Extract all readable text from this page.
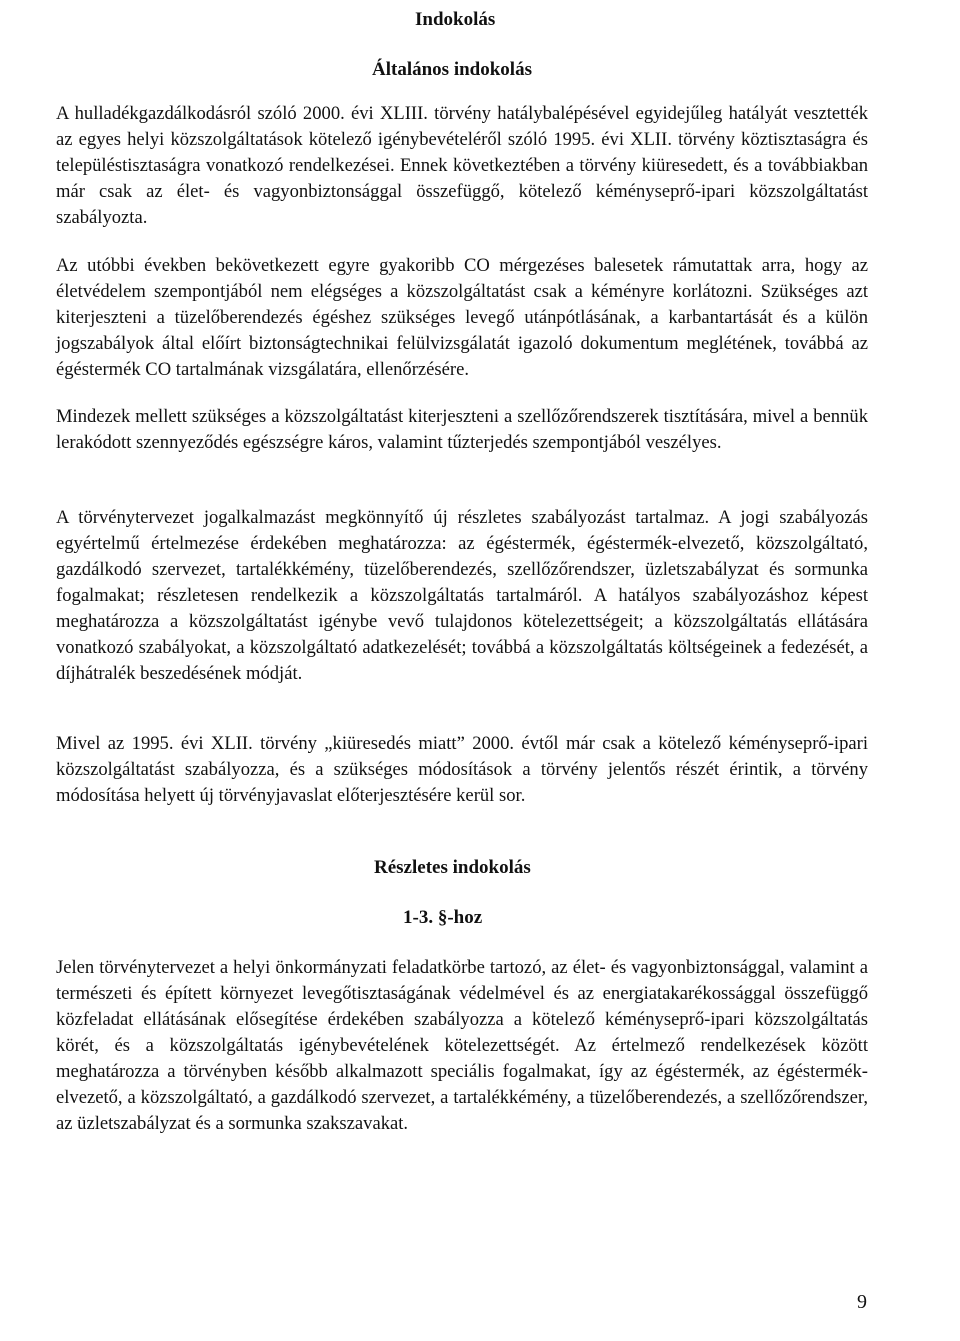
Indokolás
Általános indokolás

A hulladékgazdálkodásról szóló 2000. évi XLIII. törvény hatálybalépésével egyidejűleg hatályát vesztették az egyes helyi közszolgáltatások kötelező igénybevételéről szóló 1995. évi XLII. törvény köztisztaságra és településtisztaságra vonatkozó rendelkezései. Ennek következtében a törvény kiüresedett, és a továbbiakban már csak az élet- és vagyonbiztonsággal összefüggő, kötelező kéményseprő-ipari közszolgáltatást szabályozta.

Az utóbbi években bekövetkezett egyre gyakoribb CO mérgezéses balesetek rámutattak arra, hogy az életvédelem szempontjából nem elégséges a közszolgáltatást csak a kéményre korlátozni. Szükséges azt kiterjeszteni a tüzelőberendezés égéshez szükséges levegő utánpótlásának, a karbantartását és a külön jogszabályok által előírt biztonságtechnikai felülvizsgálatát igazoló dokumentum meglétének, továbbá az égéstermék CO tartalmának vizsgálatára, ellenőrzésére.

Mindezek mellett szükséges a közszolgáltatást kiterjeszteni a szellőzőrendszerek tisztítására, mivel a bennük lerakódott szennyeződés egészségre káros, valamint tűzterjedés szempontjából veszélyes.

A törvénytervezet jogalkalmazást megkönnyítő új részletes szabályozást tartalmaz. A jogi szabályozás egyértelmű értelmezése érdekében meghatározza: az égéstermék, égéstermék-elvezető, közszolgáltató, gazdálkodó szervezet, tartalékkémény, tüzelőberendezés, szellőzőrendszer, üzletszabályzat és sormunka fogalmakat; részletesen rendelkezik a közszolgáltatás tartalmáról. A hatályos szabályozáshoz képest meghatározza a közszolgáltatást igénybe vevő tulajdonos kötelezettségeit; a közszolgáltatás ellátására vonatkozó szabályokat, a közszolgáltató adatkezelését; továbbá a közszolgáltatás költségeinek a fedezését, a díjhátralék beszedésének módját.

Mivel az 1995. évi XLII. törvény „kiüresedés miatt” 2000. évtől már csak a kötelező kéményseprő-ipari közszolgáltatást szabályozza, és a szükséges módosítások a törvény jelentős részét érintik, a törvény módosítása helyett új törvényjavaslat előterjesztésére kerül sor.

Részletes indokolás
1-3. §-hoz

Jelen törvénytervezet a helyi önkormányzati feladatkörbe tartozó, az élet- és vagyonbiztonsággal, valamint a természeti és épített környezet levegőtisztaságának védelmével és az energiatakarékossággal összefüggő közfeladat ellátásának elősegítése érdekében szabályozza a kötelező kéményseprő-ipari közszolgáltatás körét, és a közszolgáltatás igénybevételének kötelezettségét. Az értelmező rendelkezések között meghatározza a törvényben később alkalmazott speciális fogalmakat, így az égéstermék, az égéstermék-elvezető, a közszolgáltató, a gazdálkodó szervezet, a tartalékkémény, a tüzelőberendezés, a szellőzőrendszer, az üzletszabályzat és a sormunka szakszavakat.

9
